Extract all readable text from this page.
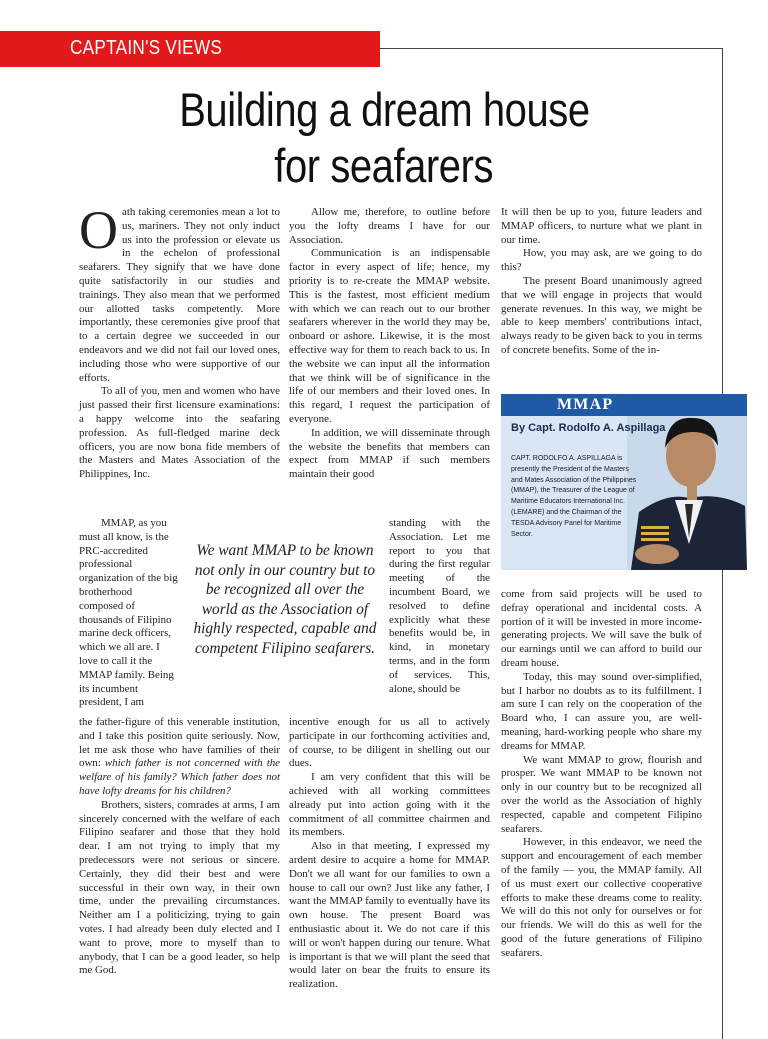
CAPTAIN'S VIEWS
Building a dream house
for seafarers
O ath taking ceremonies mean a lot to us, mariners. They not only induct us into the profession or elevate us in the echelon of professional seafarers. They signify that we have done quite satisfactorily in our studies and trainings. They also mean that we performed our allotted tasks competently. More importantly, these ceremonies give proof that to a certain degree we succeeded in our endeavors and we did not fail our loved ones, including those who were supportive of our efforts.

To all of you, men and women who have just passed their first licensure examinations: a happy welcome into the seafaring profession. As full-fledged marine deck officers, you are now bona fide members of the Masters and Mates Association of the Philippines, Inc.

MMAP, as you must all know, is the PRC-accredited professional organization of the big brotherhood composed of thousands of Filipino marine deck officers, which we all are. I love to call it the MMAP family. Being its incumbent president, I am

the father-figure of this venerable institution, and I take this position quite seriously. Now, let me ask those who have families of their own: which father is not concerned with the welfare of his family? Which father does not have lofty dreams for his children?

Brothers, sisters, comrades at arms, I am sincerely concerned with the welfare of each Filipino seafarer and those that they hold dear. I am not trying to imply that my predecessors were not serious or sincere. Certainly, they did their best and were successful in their own way, in their own time, under the prevailing circumstances. Neither am I a politicizing, trying to gain votes. I had already been duly elected and I want to prove, more to myself than to anybody, that I can be a good leader, so help me God.

Allow me, therefore, to outline before you the lofty dreams I have for our Association.

Communication is an indispensable factor in every aspect of life; hence, my priority is to re-create the MMAP website. This is the fastest, most efficient medium with which we can reach out to our brother seafarers wherever in the world they may be, onboard or ashore. Likewise, it is the most effective way for them to reach back to us. In the website we can input all the information that we think will be of significance in the life of our members and their loved ones. In this regard, I request the participation of everyone.

In addition, we will disseminate through the website the benefits that members can expect from MMAP if such members maintain their good

standing with the Association. Let me report to you that during the first regular meeting of the incumbent Board, we resolved to define explicitly what these benefits would be, in kind, in monetary terms, and in the form of services. This, alone, should be

incentive enough for us all to actively participate in our forthcoming activities and, of course, to be diligent in shelling out our dues.

I am very confident that this will be achieved with all working committees already put into action going with it the commitment of all committee chairmen and its members.

Also in that meeting, I expressed my ardent desire to acquire a home for MMAP. Don't we all want for our families to own a house to call our own? Just like any father, I want the MMAP family to eventually have its own house. The present Board was enthusiastic about it. We do not care if this will or won't happen during our tenure. What is important is that we will plant the seed that would later on bear the fruits to ensure its realization.

It will then be up to you, future leaders and MMAP officers, to nurture what we plant in our time.

How, you may ask, are we going to do this?

The present Board unanimously agreed that we will engage in projects that would generate revenues. In this way, we might be able to keep members' contributions intact, always ready to be given back to you in terms of concrete benefits. Some of the in-

come from said projects will be used to defray operational and incidental costs. A portion of it will be invested in more income-generating projects. We will save the bulk of our earnings until we can afford to build our dream house.

Today, this may sound over-simplified, but I harbor no doubts as to its fulfillment. I am sure I can rely on the cooperation of the Board who, I can assure you, are well-meaning, hard-working people who share my dreams for MMAP.

We want MMAP to grow, flourish and prosper. We want MMAP to be known not only in our country but to be recognized all over the world as the Association of highly respected, capable and competent Filipino seafarers.

However, in this endeavor, we need the support and encouragement of each member of the family — you, the MMAP family. All of us must exert our collective cooperative efforts to make these dreams come to reality. We will do this not only for ourselves or for our friends. We will do this as well for the good of the future generations of Filipino seafarers.

We want MMAP to be known not only in our country but to be recognized all over the world as the Association of highly respected, capable and competent Filipino seafarers.
MMAP
By Capt. Rodolfo A. Aspillaga
CAPT. RODOLFO A. ASPILLAGA is presently the President of the Masters and Mates Association of the Philippines (MMAP), the Treasurer of the League of Maritime Educators International Inc. (LEMARE) and the Chairman of the TESDA Advisory Panel for Maritime Sector.
